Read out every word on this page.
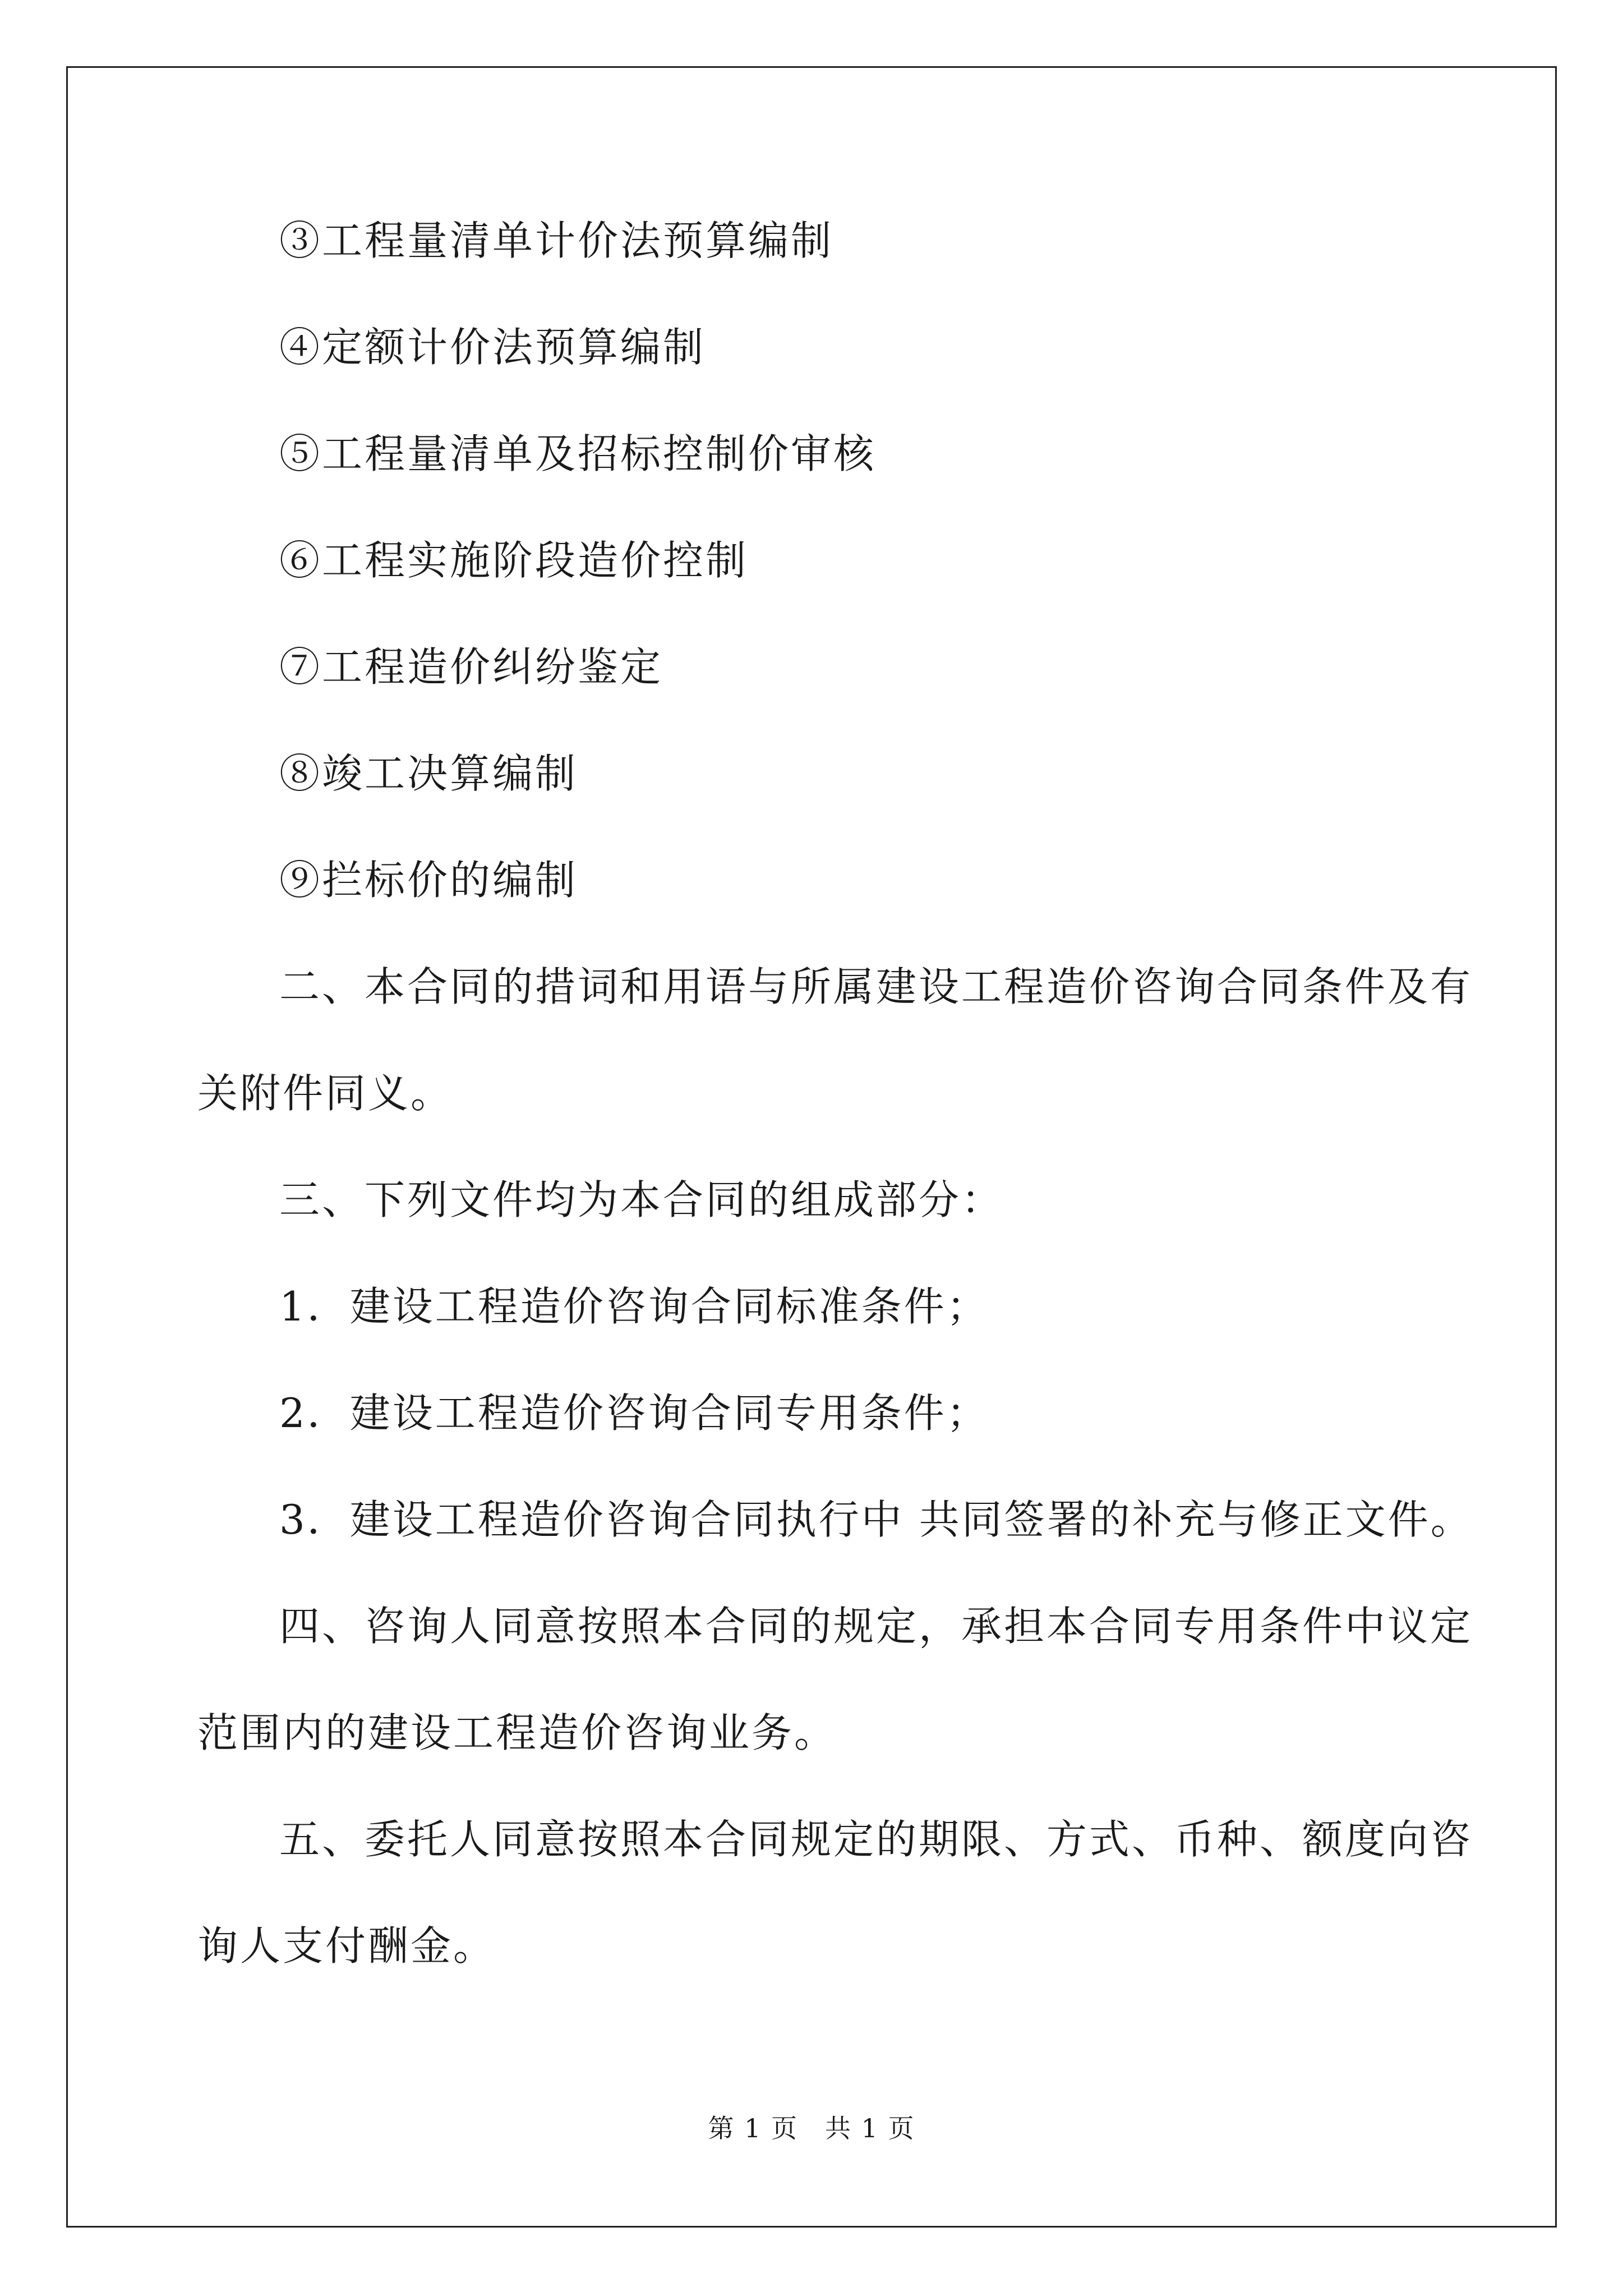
③工程量清单计价法预算编制

④定额计价法预算编制

⑤工程量清单及招标控制价审核

⑥工程实施阶段造价控制

⑦工程造价纠纷鉴定

⑧竣工决算编制

⑨拦标价的编制

二、本合同的措词和用语与所属建设工程造价咨询合同条件及有

关附件同义。

三、下列文件均为本合同的组成部分：

1．建设工程造价咨询合同标准条件；

2．建设工程造价咨询合同专用条件；

3．建设工程造价咨询合同执行中 共同签署的补充与修正文件。

四、咨询人同意按照本合同的规定，承担本合同专用条件中议定

范围内的建设工程造价咨询业务。

五、委托人同意按照本合同规定的期限、方式、币种、额度向咨

询人支付酬金。

第 1 页　共 1 页
